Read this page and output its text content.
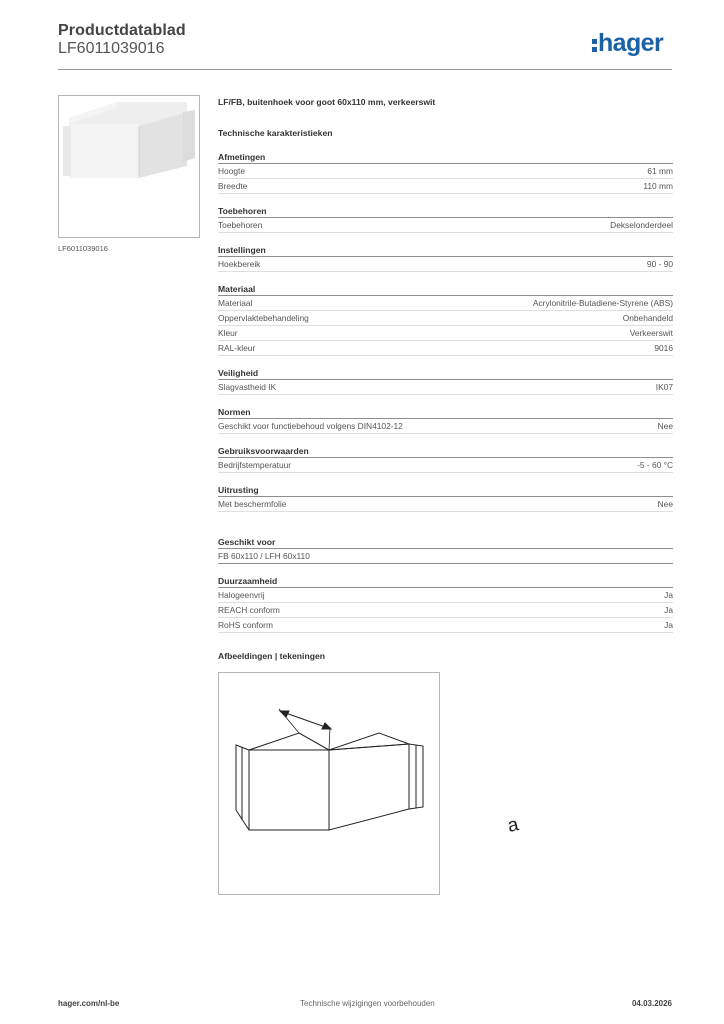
Productdatablad
LF6011039016	hager
LF6011039016
LF/FB, buitenhoek voor goot 60x110 mm, verkeerswit
Technische karakteristieken
Afmetingen
Hoogte	61 mm
Breedte	110 mm
Toebehoren
Toebehoren	Dekselonderdeel
Instellingen
Hoekbereik	90 - 90
Materiaal
Materiaal	Acrylonitrile-Butadiene-Styrene (ABS)
Oppervlaktebehandeling	Onbehandeld
Kleur	Verkeerswit
RAL-kleur	9016
Veiligheid
Slagvastheid IK	IK07
Normen
Geschikt voor functiebehoud volgens DIN4102-12	Nee
Gebruiksvoorwaarden
Bedrijfstemperatuur	-5 - 60 °C
Uitrusting
Met beschermfolie	Nee
Geschikt voor
FB 60x110 / LFH 60x110
Duurzaamheid
Halogeenvrij	Ja
REACH conform	Ja
RoHS conform	Ja
Afbeeldingen | tekeningen
a
hager.com/nl-be	Technische wijzigingen voorbehouden	04.03.2026
